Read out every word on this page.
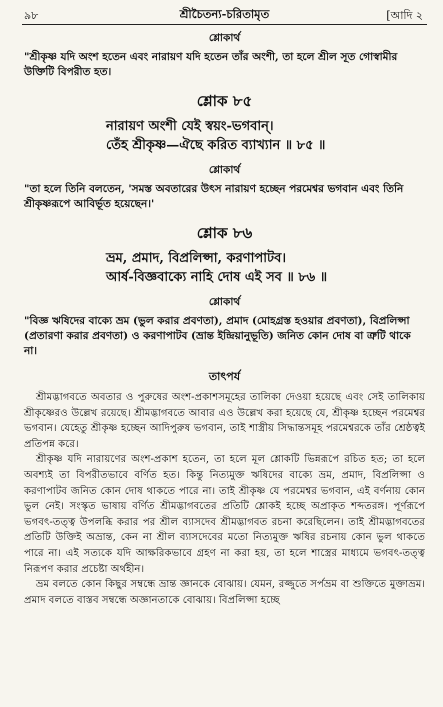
৯৮	শ্রীচৈতন্য-চরিতামৃত	[আদি ২
শ্লোকার্থ
"শ্রীকৃষ্ণ যদি অংশ হতেন এবং নারায়ণ যদি হতেন তাঁর অংশী, তা হলে শ্রীল সূত গোস্বামীর উক্তিটি বিপরীত হত।
শ্লোক ৮৫
নারায়ণ অংশী যেই স্বয়ং-ভগবান্।
তেঁহ শ্রীকৃষ্ণ—ঐছে করিত ব্যাখ্যান ॥ ৮৫ ॥
শ্লোকার্থ
"তা হলে তিনি বলতেন, 'সমস্ত অবতারের উৎস নারায়ণ হচ্ছেন পরমেশ্বর ভগবান এবং তিনি শ্রীকৃষ্ণরূপে আবির্ভূত হয়েছেন।'
শ্লোক ৮৬
ভ্রম, প্রমাদ, বিপ্রলিপ্সা, করণাপাটব।
আর্ষ-বিজ্ঞবাক্যে নাহি দোষ এই সব ॥ ৮৬ ॥
শ্লোকার্থ
"বিজ্ঞ ঋষিদের বাক্যে ভ্রম (ভুল করার প্রবণতা), প্রমাদ (মোহগ্রস্ত হওয়ার প্রবণতা), বিপ্রলিপ্সা (প্রতারণা করার প্রবণতা) ও করণাপাটব (ভ্রান্ত ইন্দ্রিয়ানুভূতি) জনিত কোন দোষ বা ত্রুটি থাকে না।
তাৎপর্য

শ্রীমদ্ভাগবতে অবতার ও পুরুষের অংশ-প্রকাশসমূহের তালিকা দেওয়া হয়েছে এবং সেই তালিকায় শ্রীকৃষ্ণেরও উল্লেখ রয়েছে। শ্রীমদ্ভাগবতে আবার এও উল্লেখ করা হয়েছে যে, শ্রীকৃষ্ণ হচ্ছেন পরমেশ্বর ভগবান। যেহেতু শ্রীকৃষ্ণ হচ্ছেন আদিপুরুষ ভগবান, তাই শাস্ত্রীয় সিদ্ধান্তসমূহ পরমেশ্বরকে তাঁর শ্রেষ্ঠত্বই প্রতিপন্ন করে।

শ্রীকৃষ্ণ যদি নারায়ণের অংশ-প্রকাশ হতেন, তা হলে মূল শ্লোকটি ভিন্নরূপে রচিত হত; তা হলে অবশ্যই তা বিপরীতভাবে বর্ণিত হত। কিন্তু নিত্যমুক্ত ঋষিদের বাক্যে ভ্রম, প্রমাদ, বিপ্রলিপ্সা ও করণাপাটব জনিত কোন দোষ থাকতে পারে না। তাই শ্রীকৃষ্ণ যে পরমেশ্বর ভগবান, এই বর্ণনায় কোন ভুল নেই। সংস্কৃত ভাষায় বর্ণিত শ্রীমদ্ভাগবতের প্রতিটি শ্লোকই হচ্ছে অপ্রাকৃত শব্দতরঙ্গ। পূর্ণরূপে ভগবৎ-তত্ত্ব উপলব্ধি করার পর শ্রীল ব্যাসদেব শ্রীমদ্ভাগবত রচনা করেছিলেন। তাই শ্রীমদ্ভাগবতের প্রতিটি উক্তিই অভ্রান্ত, কেন না শ্রীল ব্যাসদেবের মতো নিত্যমুক্ত ঋষির রচনায় কোন ভুল থাকতে পারে না। এই সত্যকে যদি আক্ষরিকভাবে গ্রহণ না করা হয়, তা হলে শাস্ত্রের মাধ্যমে ভগবৎ-তত্ত্ব নিরূপণ করার প্রচেষ্টা অর্থহীন।

ভ্রম বলতে কোন কিছুর সম্বন্ধে ভ্রান্ত জ্ঞানকে বোঝায়। যেমন, রজ্জুতে সর্পভ্রম বা শুক্তিতে মুক্তাভ্রম। প্রমাদ বলতে বাস্তব সম্বন্ধে অজ্ঞানতাকে বোঝায়। বিপ্রলিপ্সা হচ্ছে
